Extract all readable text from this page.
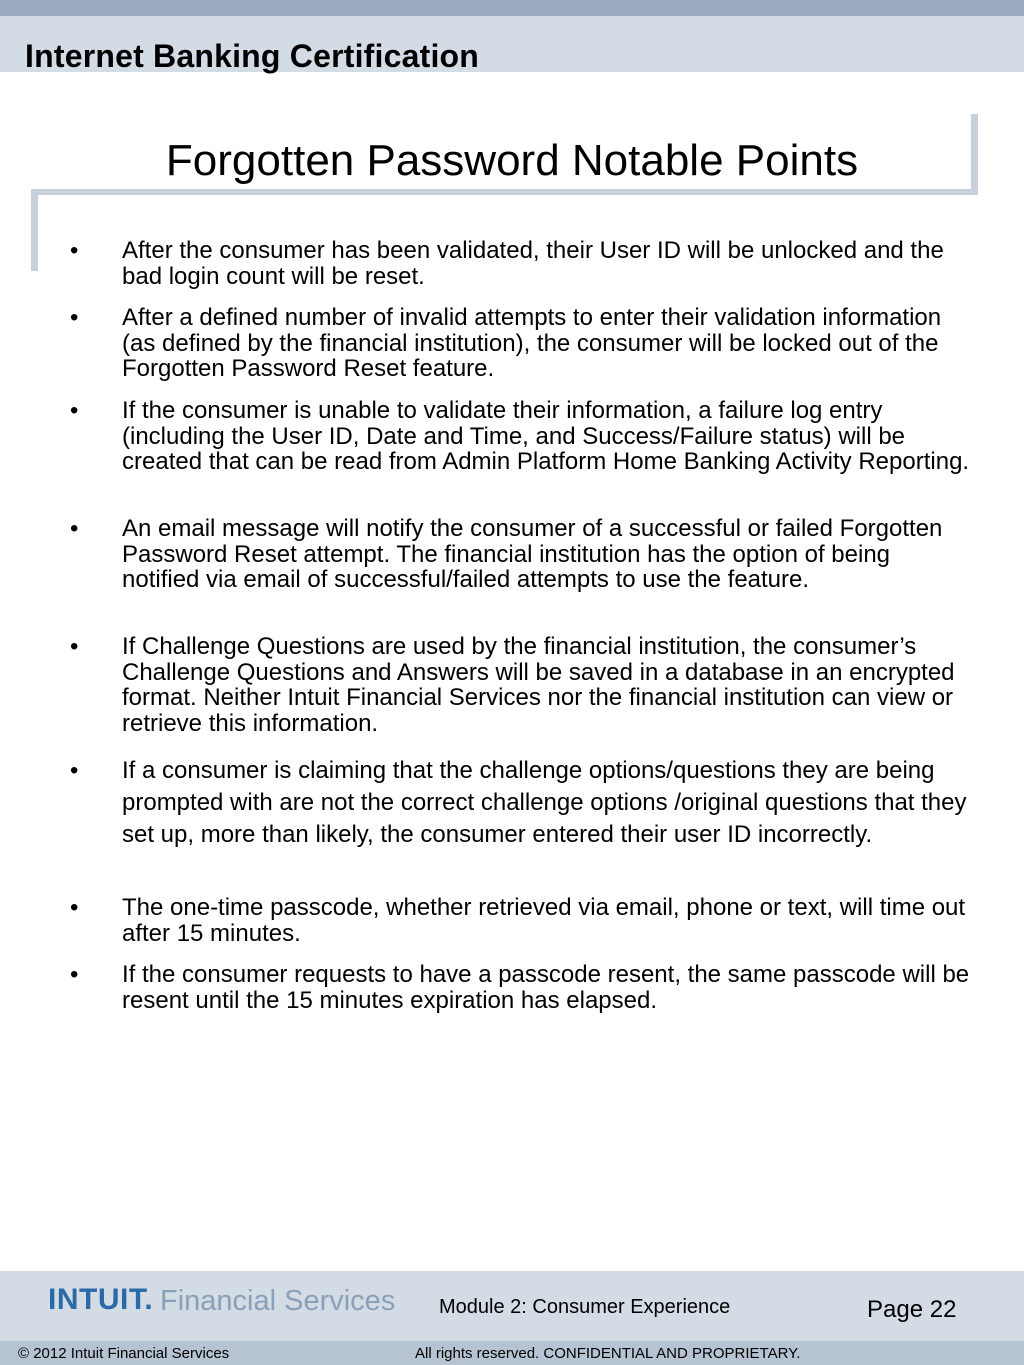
Internet Banking Certification
Forgotten Password Notable Points
• After the consumer has been validated, their User ID will be unlocked and the bad login count will be reset.
• After a defined number of invalid attempts to enter their validation information (as defined by the financial institution), the consumer will be locked out of the Forgotten Password Reset feature.
• If the consumer is unable to validate their information, a failure log entry (including the User ID, Date and Time, and Success/Failure status) will be created that can be read from Admin Platform Home Banking Activity Reporting.
• An email message will notify the consumer of a successful or failed Forgotten Password Reset attempt. The financial institution has the option of being notified via email of successful/failed attempts to use the feature.
• If Challenge Questions are used by the financial institution, the consumer’s Challenge Questions and Answers will be saved in a database in an encrypted format. Neither Intuit Financial Services nor the financial institution can view or retrieve this information.
• If a consumer is claiming that the challenge options/questions they are being prompted with are not the correct challenge options /original questions that they set up, more than likely, the consumer entered their user ID incorrectly.
• The one-time passcode, whether retrieved via email, phone or text, will time out after 15 minutes.
• If the consumer requests to have a passcode resent, the same passcode will be resent until the 15 minutes expiration has elapsed.
INTUIT. Financial Services Module 2: Consumer Experience	Page 22
© 2012 Intuit Financial Services	All rights reserved. CONFIDENTIAL AND PROPRIETARY.
